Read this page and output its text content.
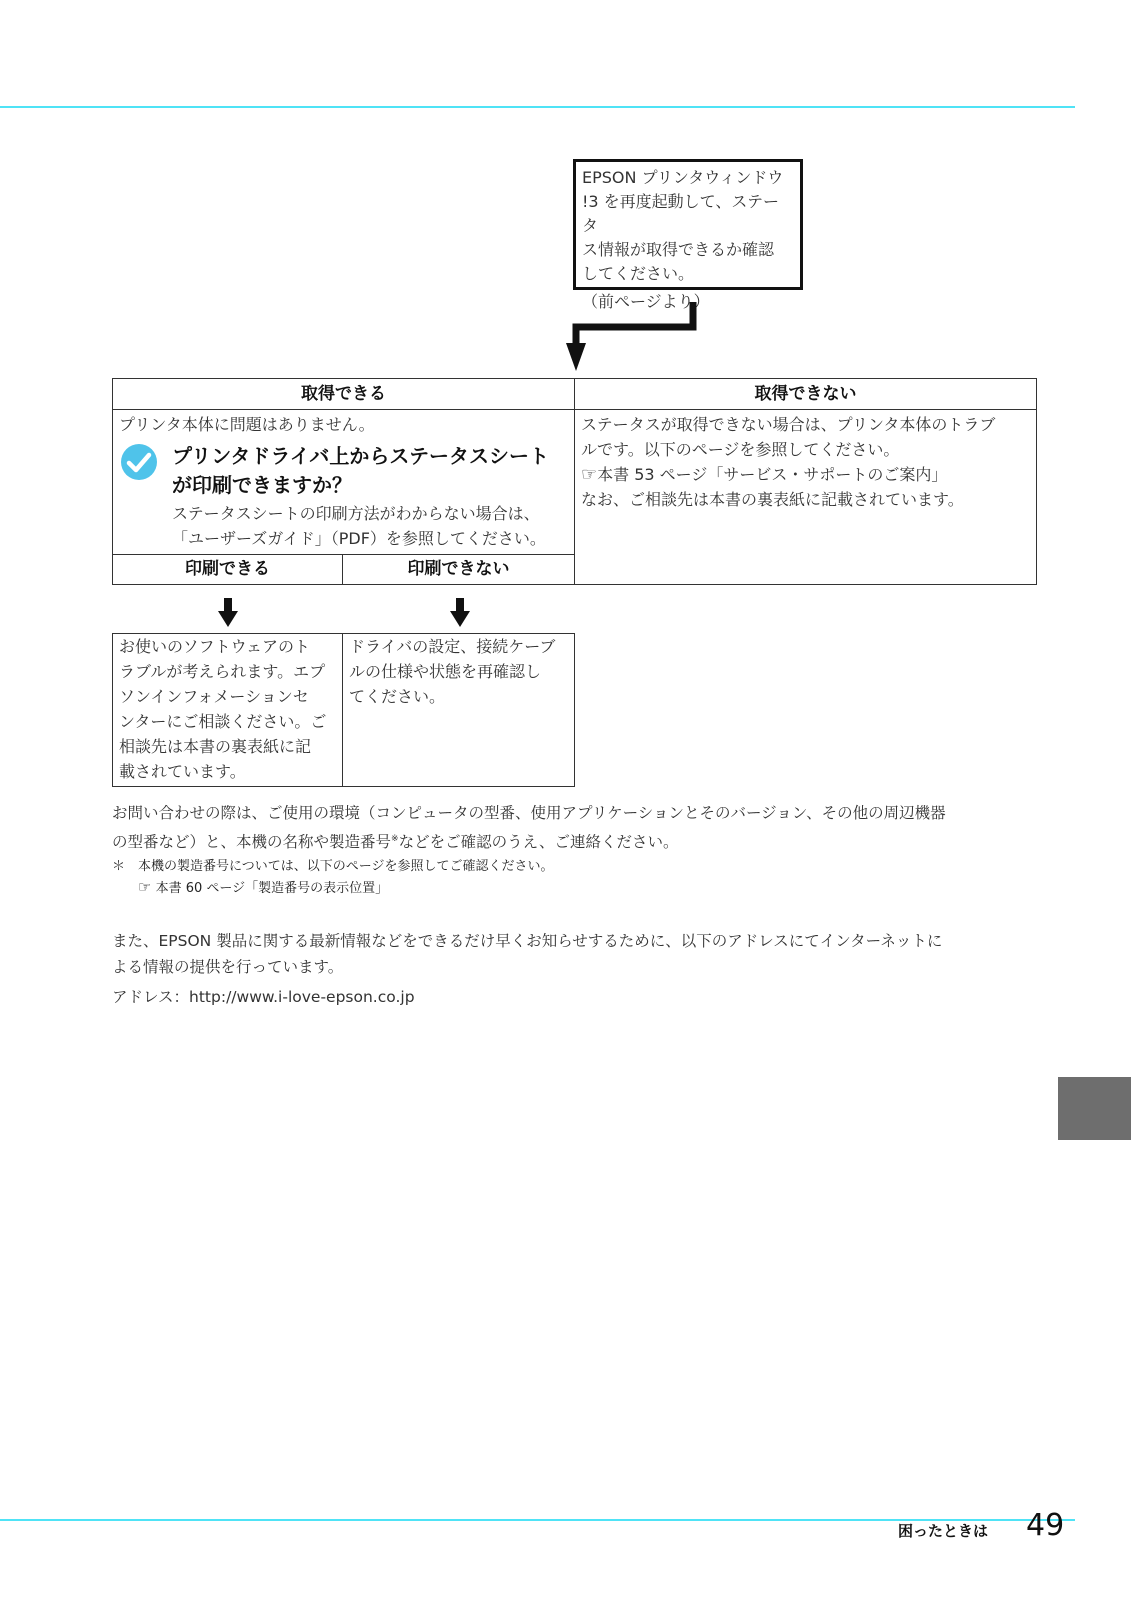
EPSON プリンタウィンドウ
!3 を再度起動して、ステータ
ス情報が取得できるか確認
してください。

（前ページより）
取得できる	取得できない
プリンタ本体に問題はありません。
プリンタドライバ上からステータスシート
が印刷できますか？
ステータスシートの印刷方法がわからない場合は、
「ユーザーズガイド」（PDF）を参照してください。
印刷できる	印刷できない
ステータスが取得できない場合は、プリンタ本体のトラブ
ルです。以下のページを参照してください。
☞本書 53 ページ「サービス・サポートのご案内」
なお、ご相談先は本書の裏表紙に記載されています。
お使いのソフトウェアのト
ラブルが考えられます。エプ
ソンインフォメーションセ
ンターにご相談ください。ご
相談先は本書の裏表紙に記
載されています。
ドライバの設定、接続ケーブ
ルの仕様や状態を再確認し
てください。
お問い合わせの際は、ご使用の環境（コンピュータの型番、使用アプリケーションとそのバージョン、その他の周辺機器
の型番など）と、本機の名称や製造番号※などをご確認のうえ、ご連絡ください。
＊ 本機の製造番号については、以下のページを参照してご確認ください。
☞ 本書 60 ページ「製造番号の表示位置」
また、EPSON 製品に関する最新情報などをできるだけ早くお知らせするために、以下のアドレスにてインターネットに
よる情報の提供を行っています。
アドレス：http://www.i-love-epson.co.jp
困ったときは 49
